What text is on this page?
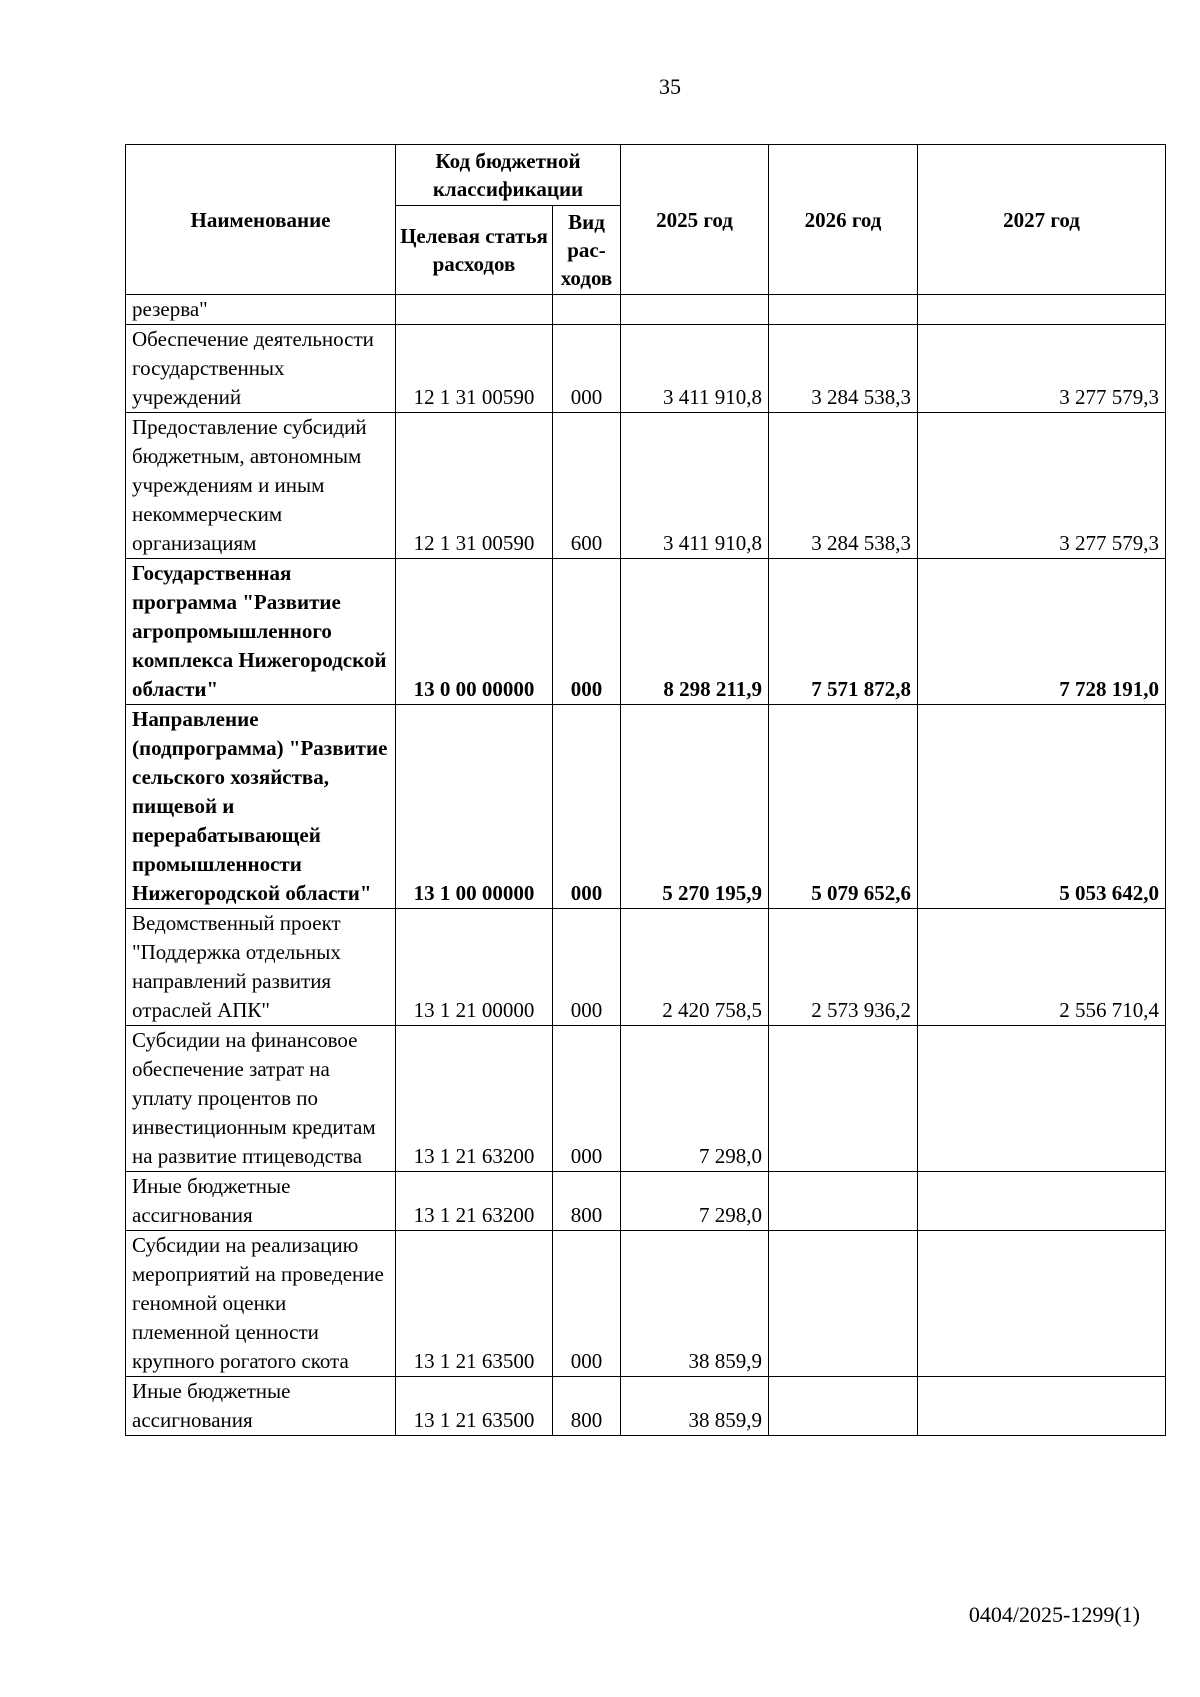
35
Наименование	Код бюджетной классификации		2025 год	2026 год	2027 год
	Целевая статья расходов	Вид рас-ходов			
резерва"					
Обеспечение деятельности государственных учреждений	12 1 31 00590	000	3 411 910,8	3 284 538,3	3 277 579,3
Предоставление субсидий бюджетным, автономным учреждениям и иным некоммерческим организациям	12 1 31 00590	600	3 411 910,8	3 284 538,3	3 277 579,3
Государственная программа "Развитие агропромышленного комплекса Нижегородской области"	13 0 00 00000	000	8 298 211,9	7 571 872,8	7 728 191,0
Направление (подпрограмма) "Развитие сельского хозяйства, пищевой и перерабатывающей промышленности Нижегородской области"	13 1 00 00000	000	5 270 195,9	5 079 652,6	5 053 642,0
Ведомственный проект "Поддержка отдельных направлений развития отраслей АПК"	13 1 21 00000	000	2 420 758,5	2 573 936,2	2 556 710,4
Субсидии на финансовое обеспечение затрат на уплату процентов по инвестиционным кредитам на развитие птицеводства	13 1 21 63200	000	7 298,0		
Иные бюджетные ассигнования	13 1 21 63200	800	7 298,0		
Субсидии на реализацию мероприятий на проведение геномной оценки племенной ценности крупного рогатого скота	13 1 21 63500	000	38 859,9		
Иные бюджетные ассигнования	13 1 21 63500	800	38 859,9		
0404/2025-1299(1)
